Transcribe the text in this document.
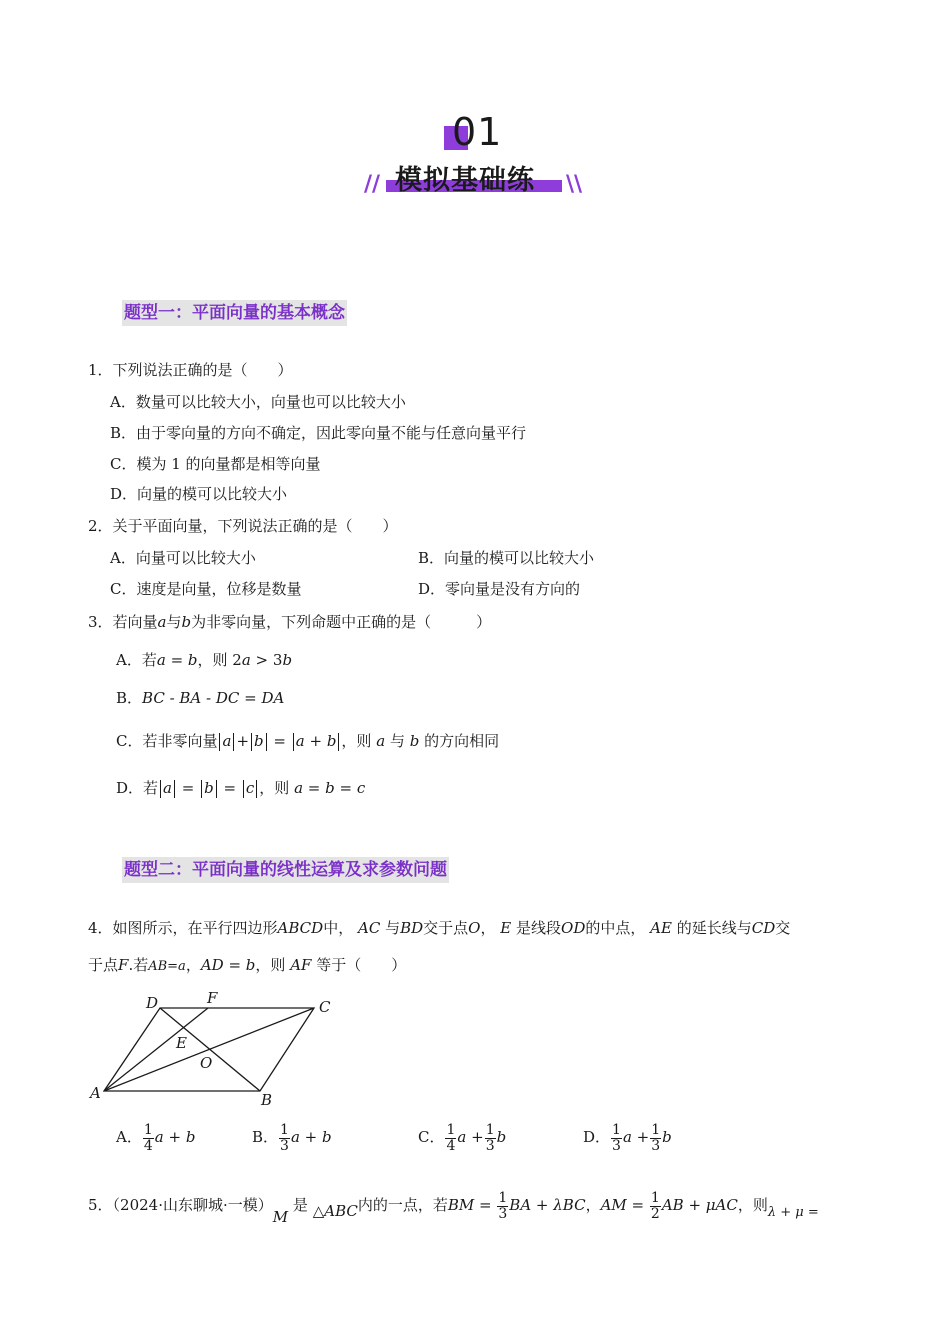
01
// 模拟基础练 \\
题型一：平面向量的基本概念
1．下列说法正确的是（　　）
A．数量可以比较大小，向量也可以比较大小
B．由于零向量的方向不确定，因此零向量不能与任意向量平行
C．模为 1 的向量都是相等向量
D．向量的模可以比较大小
2．关于平面向量，下列说法正确的是（　　）
A．向量可以比较大小	B．向量的模可以比较大小
C．速度是向量，位移是数量	D．零向量是没有方向的
3．若向量a与b为非零向量，下列命题中正确的是（　　　）
A．若a = b，则 2a > 3b
B．BC - BA - DC = DA
C．若非零向量 a + b = a + b ，则 a 与 b 的方向相同
D．若 a = b = c ，则 a = b = c
题型二：平面向量的线性运算及求参数问题
4．如图所示，在平行四边形ABCD中， AC 与BD交于点O， E 是线段OD的中点， AE 的延长线与CD交
于点F.若AB=a，AD = b，则 AF 等于（　　）
A	B
C
D
E
F
O
A． $\frac{1}{4}$ a + b	B． $\frac{1}{3}$ a + b	C． $\frac{1}{4}$ $a + \frac{1}{3}$ b	D． $\frac{1}{3}$ $a + \frac{1}{3}$ b
5．（2024·山东聊城·一模）M 是 △ABC内的一点，若BM = $\frac{1}{3}$ BA + λBC，AM = $\frac{1}{2}$ AB + μAC，则λ + μ =
